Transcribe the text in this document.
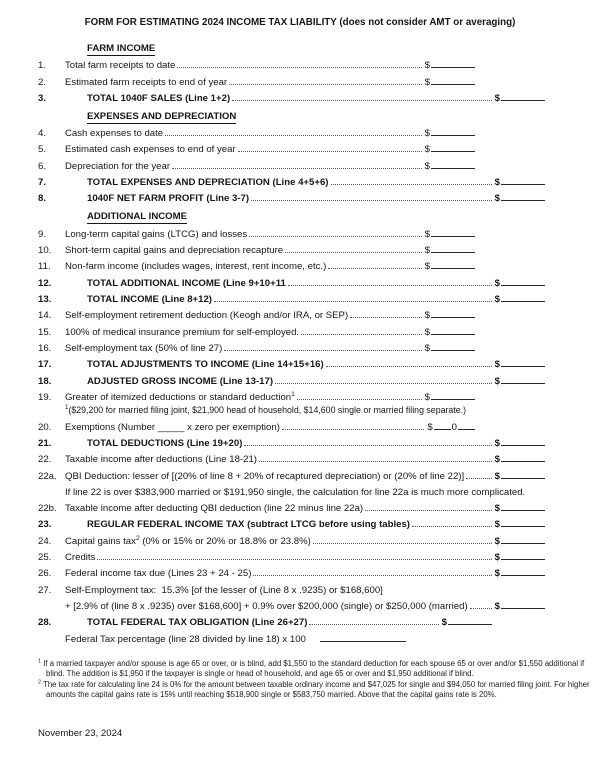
FORM FOR ESTIMATING 2024 INCOME TAX LIABILITY (does not consider AMT or averaging)
FARM INCOME
1.	Total farm receipts to date	$
2.	Estimated farm receipts to end of year	$
3.	TOTAL 1040F SALES (Line 1+2)	$
EXPENSES AND DEPRECIATION
4.	Cash expenses to date	$
5.	Estimated cash expenses to end of year	$
6.	Depreciation for the year	$
7.	TOTAL EXPENSES AND DEPRECIATION (Line 4+5+6)	$
8.	1040F NET FARM PROFIT (Line 3-7)	$
ADDITIONAL INCOME
9.	Long-term capital gains (LTCG) and losses	$
10.	Short-term capital gains and depreciation recapture	$
11.	Non-farm income (includes wages, interest, rent income, etc.)	$
12.	TOTAL ADDITIONAL INCOME (Line 9+10+11	$
13.	TOTAL INCOME (Line 8+12)	$
14.	Self-employment retirement deduction (Keogh and/or IRA, or SEP)	$
15.	100% of medical insurance premium for self-employed.	$
16.	Self-employment tax (50% of line 27)	$
17.	TOTAL ADJUSTMENTS TO INCOME (Line 14+15+16)	$
18.	ADJUSTED GROSS INCOME (Line 13-17)	$
19.	Greater of itemized deductions or standard deduction$^1$	$
$^1$($29,200 for married filing joint, $21,900 head of household, $14,600 single or married filing separate.)
20.	Exemptions (Number _____ x zero per exemption)	$ 0
21.	TOTAL DEDUCTIONS (Line 19+20)	$
22.	Taxable income after deductions (Line 18-21)	$
22a. QBI Deduction: lesser of [(20% of line 8 + 20% of recaptured depreciation) or (20% of line 22)]	$
If line 22 is over $383,900 married or $191,950 single, the calculation for line 22a is much more complicated.
22b. Taxable income after deducting QBI deduction (line 22 minus line 22a)	$
23.	REGULAR FEDERAL INCOME TAX (subtract LTCG before using tables)	$
24.	Capital gains tax$^2$ (0% or 15% or 20% or 18.8% or 23.8%)	$
25.	Credits	$
26.	Federal income tax due (Lines 23 + 24 - 25)	$
27.	Self-Employment tax:  15.3% [of the lesser of (Line 8 x .9235) or $168,600]
+ [2.9% of (line 8 x .9235) over $168,600] + 0.9% over $200,000 (single) or $250,000 (married)	$
28.	TOTAL FEDERAL TAX OBLIGATION (Line 26+27)	$
Federal Tax percentage (line 28 divided by line 18) x 100

$^1$ If a married taxpayer and/or spouse is age 65 or over, or is blind, add $1,550 to the standard deduction for each spouse 65 or over and/or $1,550 additional if blind. The addition is $1,950 if the taxpayer is single or head of household, and age 65 or over and $1,950 additional if blind.

$^2$ The tax rate for calculating line 24 is 0% for the amount between taxable ordinary income and $47,025 for single and $94,050 for married filing joint. For higher amounts the capital gains rate is 15% until reaching $518,900 single or $583,750 married. Above that the capital gains rate is 20%.

November 23, 2024
